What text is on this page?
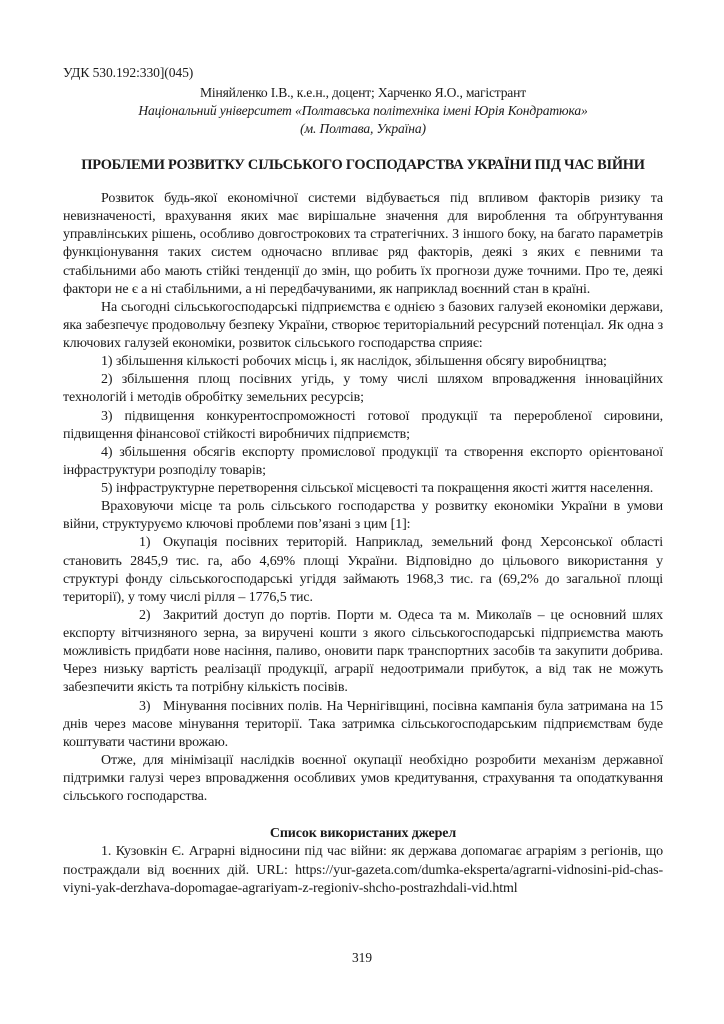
УДК 530.192:330](045)
Міняйленко І.В., к.е.н., доцент; Харченко Я.О., магістрант
Національний університет «Полтавська політехніка імені Юрія Кондратюка»
(м. Полтава, Україна)
ПРОБЛЕМИ РОЗВИТКУ СІЛЬСЬКОГО ГОСПОДАРСТВА УКРАЇНИ ПІД ЧАС ВІЙНИ

Розвиток будь-якої економічної системи відбувається під впливом факторів ризику та невизначеності, врахування яких має вирішальне значення для вироблення та обґрунтування управлінських рішень, особливо довгострокових та стратегічних. З іншого боку, на багато параметрів функціонування таких систем одночасно впливає ряд факторів, деякі з яких є певними та стабільними або мають стійкі тенденції до змін, що робить їх прогнози дуже точними. Про те, деякі фактори не є а ні стабільними, а ні передбачуваними, як наприклад воєнний стан в країні.

На сьогодні сільськогосподарські підприємства є однією з базових галузей економіки держави, яка забезпечує продовольчу безпеку України, створює територіальний ресурсний потенціал. Як одна з ключових галузей економіки, розвиток сільського господарства сприяє:

1) збільшення кількості робочих місць і, як наслідок, збільшення обсягу виробництва;

2) збільшення площ посівних угідь, у тому числі шляхом впровадження інноваційних технологій і методів обробітку земельних ресурсів;

3) підвищення конкурентоспроможності готової продукції та переробленої сировини, підвищення фінансової стійкості виробничих підприємств;

4) збільшення обсягів експорту промислової продукції та створення експорто орієнтованої інфраструктури розподілу товарів;

5) інфраструктурне перетворення сільської місцевості та покращення якості життя населення.

Враховуючи місце та роль сільського господарства у розвитку економіки України в умови війни, структуруємо ключові проблеми пов’язані з цим [1]:

1) Окупація посівних територій. Наприклад, земельний фонд Херсонської області становить 2845,9 тис. га, або 4,69% площі України. Відповідно до цільового використання у структурі фонду сільськогосподарські угіддя займають 1968,3 тис. га (69,2% до загальної площі території), у тому числі рілля – 1776,5 тис.

2) Закритий доступ до портів. Порти м. Одеса та м. Миколаїв – це основний шлях експорту вітчизняного зерна, за виручені кошти з якого сільськогосподарські підприємства мають можливість придбати нове насіння, паливо, оновити парк транспортних засобів та закупити добрива. Через низьку вартість реалізації продукції, аграрії недоотримали прибуток, а від так не можуть забезпечити якість та потрібну кількість посівів.

3) Мінування посівних полів. На Чернігівщині, посівна кампанія була затримана на 15 днів через масове мінування території. Така затримка сільськогосподарським підприємствам буде коштувати частини врожаю.

Отже, для мінімізації наслідків воєнної окупації необхідно розробити механізм державної підтримки галузі через впровадження особливих умов кредитування, страхування та оподаткування сільського господарства.

Список використаних джерел

1. Кузовкін Є. Аграрні відносини під час війни: як держава допомагає аграріям з регіонів, що постраждали від воєнних дій. URL: https://yur-gazeta.com/dumka-eksperta/agrarni-vidnosini-pid-chas-viyni-yak-derzhava-dopomagae-agrariyam-z-regioniv-shcho-postrazhdali-vid.html

319
